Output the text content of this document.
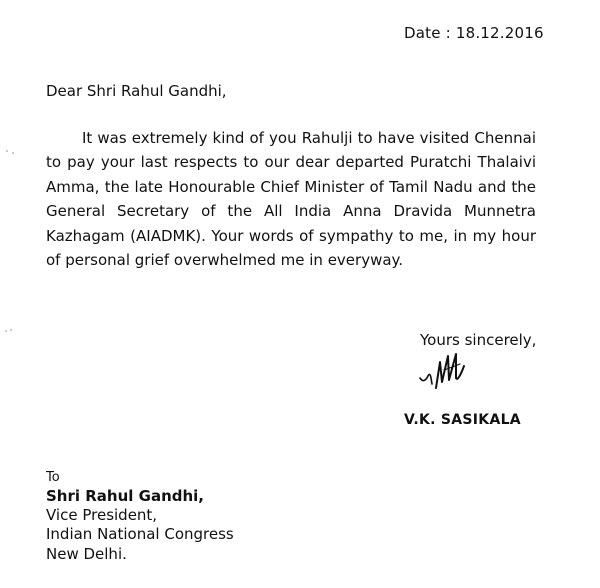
Date : 18.12.2016
Dear Shri Rahul Gandhi,

It was extremely kind of you Rahulji to have visited Chennai to pay your last respects to our dear departed Puratchi Thalaivi Amma, the late Honourable Chief Minister of Tamil Nadu and the General Secretary of the All India Anna Dravida Munnetra Kazhagam (AIADMK). Your words of sympathy to me, in my hour of personal grief overwhelmed me in everyway.

Yours sincerely,
V.K. SASIKALA
To
Shri Rahul Gandhi,
Vice President,
Indian National Congress
New Delhi.
